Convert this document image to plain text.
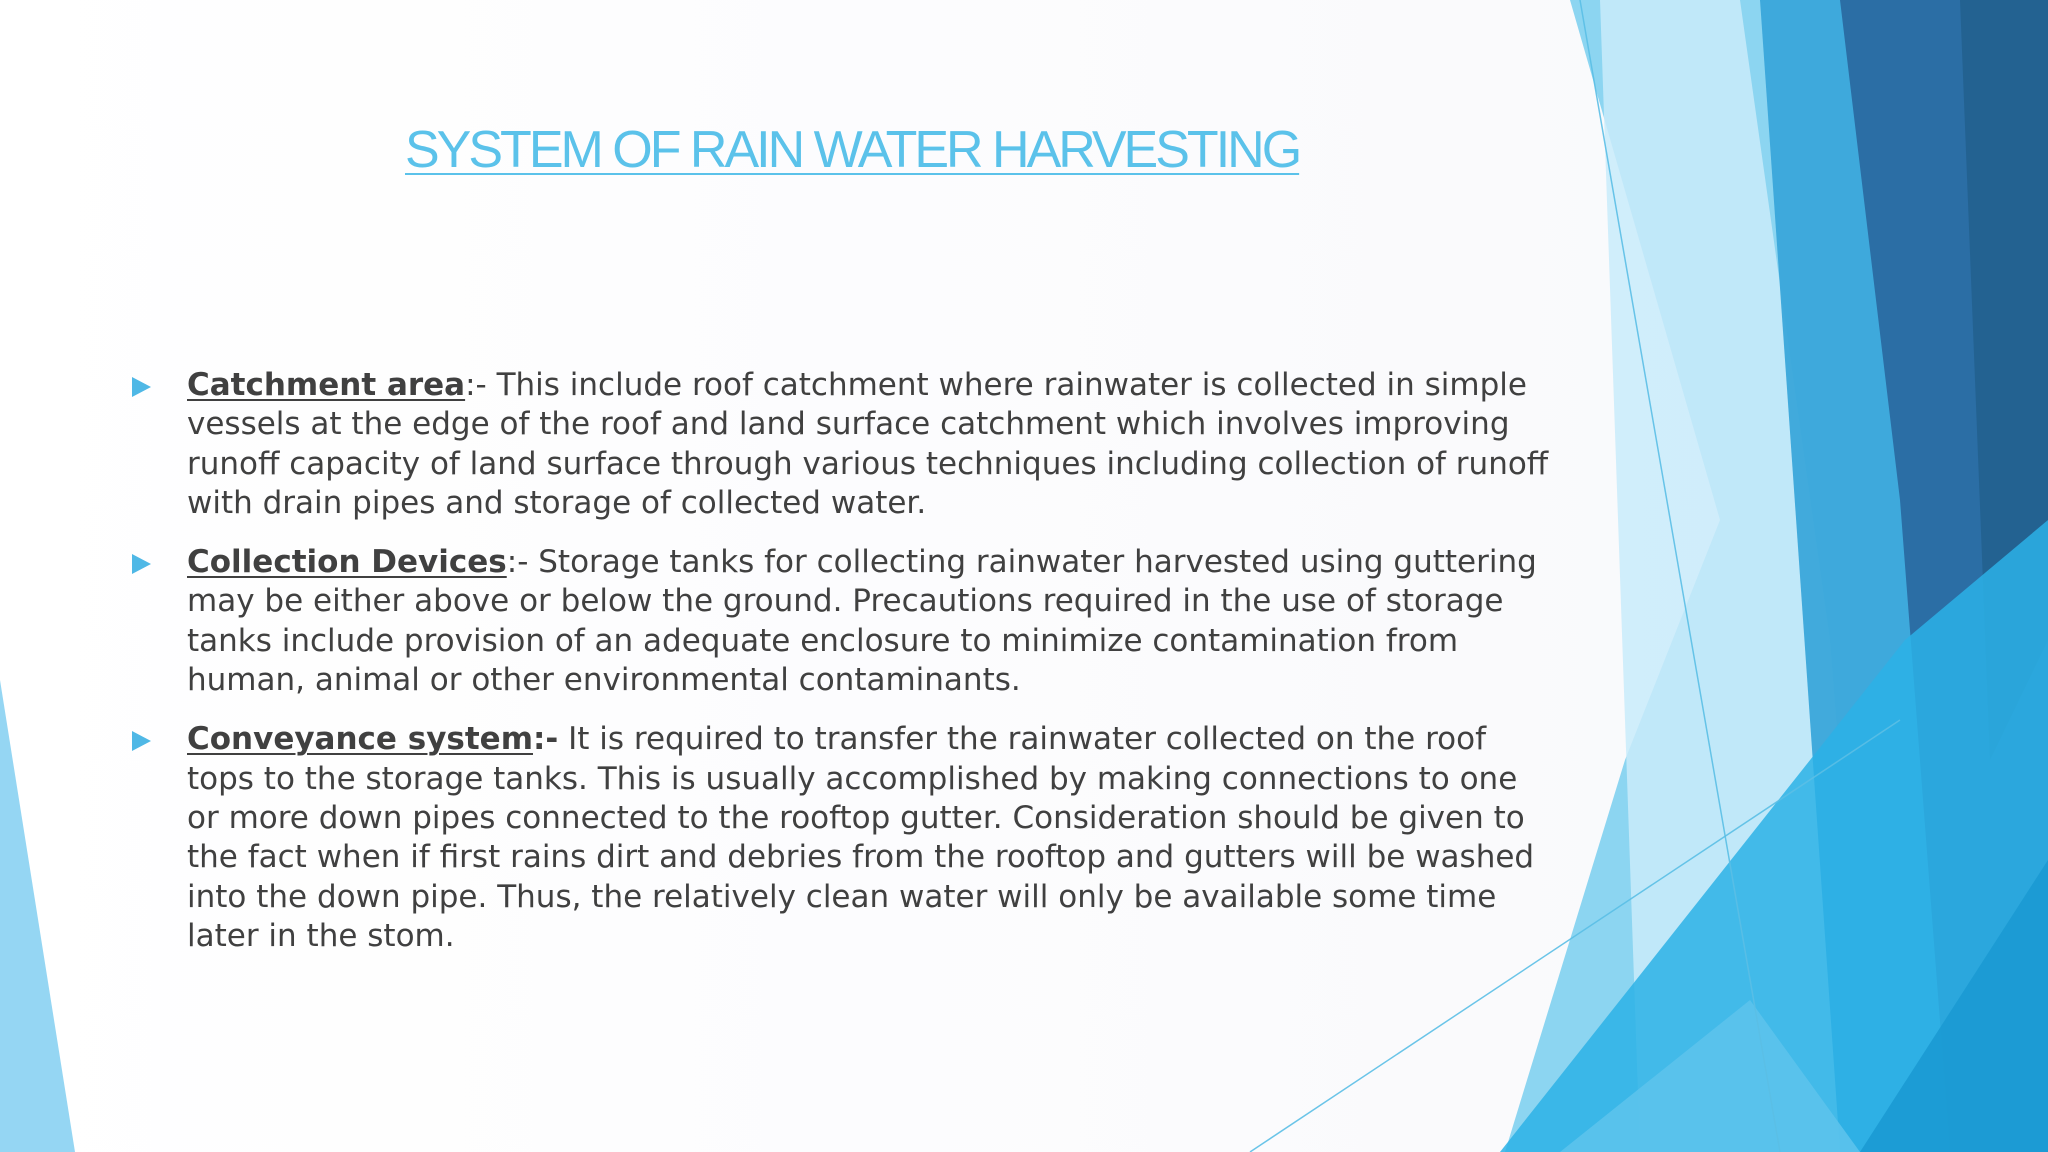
SYSTEM OF RAIN WATER HARVESTING

Catchment area:- This include roof catchment where rainwater is collected in simple vessels at the edge of the roof and land surface catchment which involves improving runoff capacity of land surface through various techniques including collection of runoff with drain pipes and storage of collected water.

Collection Devices:- Storage tanks for collecting rainwater harvested using guttering may be either above or below the ground. Precautions required in the use of storage tanks include provision of an adequate enclosure to minimize contamination from human, animal or other environmental contaminants.

Conveyance system:- It is required to transfer the rainwater collected on the roof tops to the storage tanks. This is usually accomplished by making connections to one or more down pipes connected to the rooftop gutter. Consideration should be given to the fact when if first rains dirt and debries from the rooftop and gutters will be washed into the down pipe. Thus, the relatively clean water will only be available some time later in the stom.
